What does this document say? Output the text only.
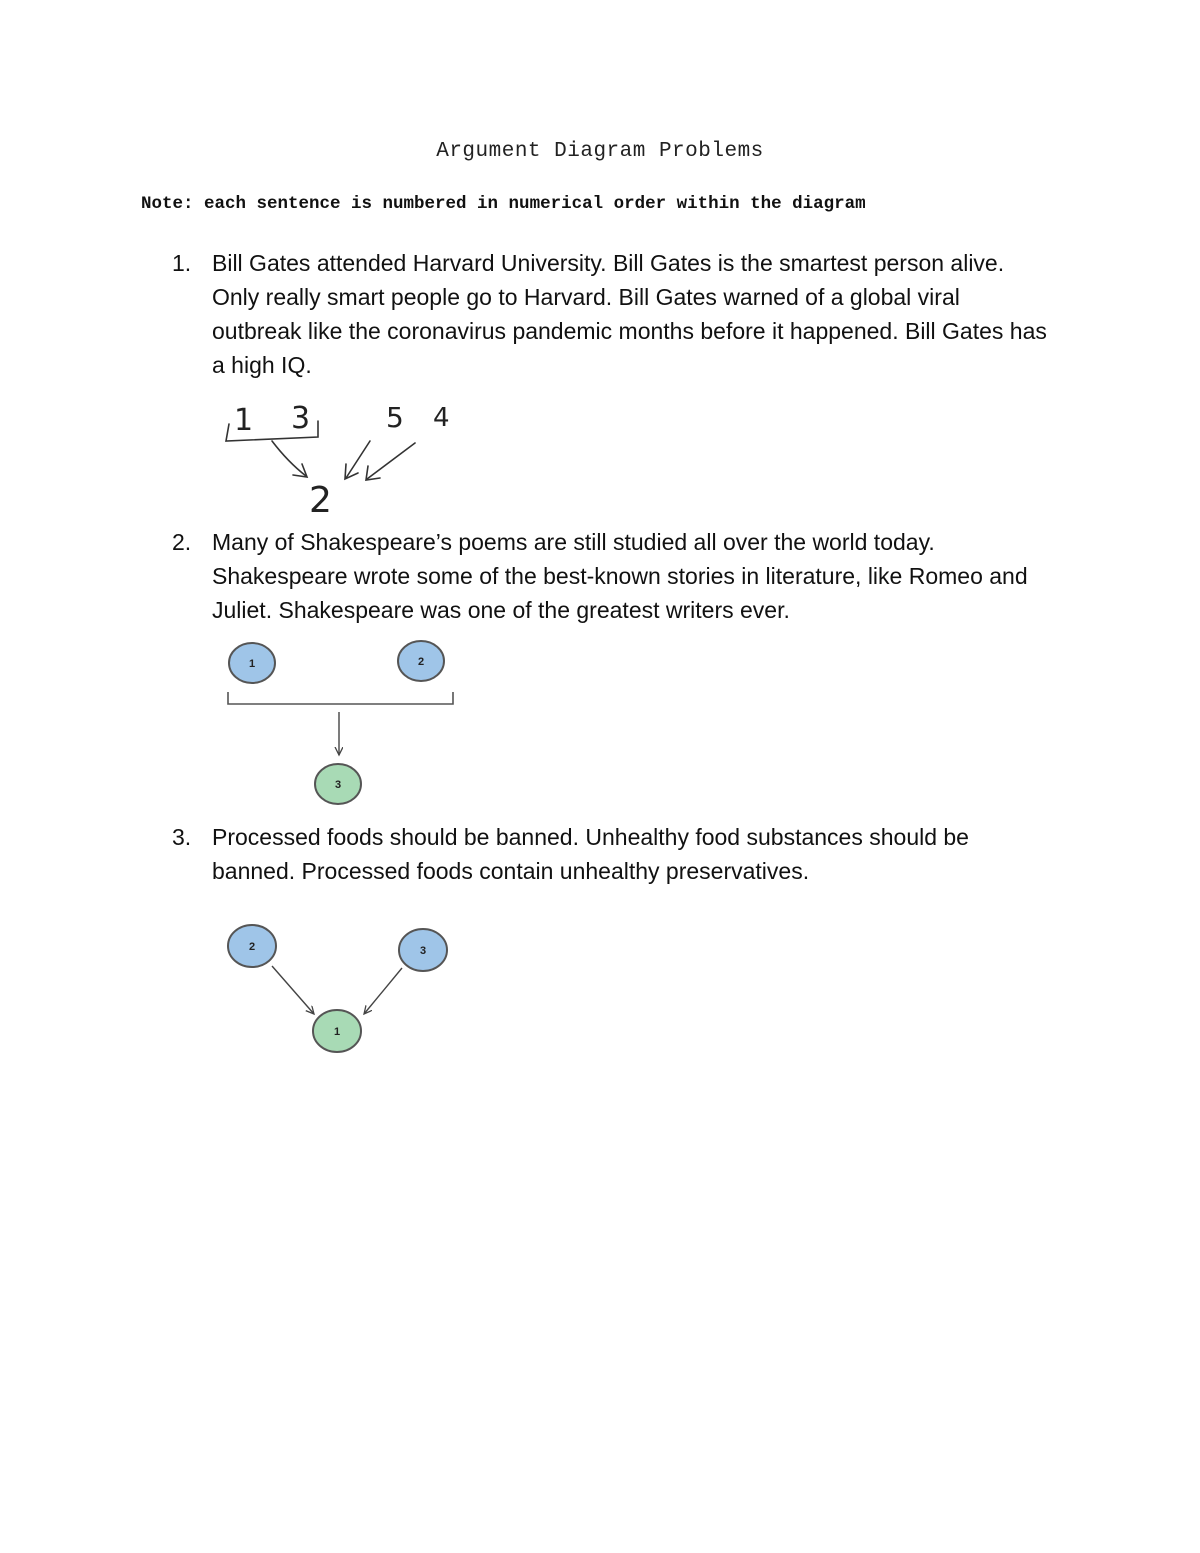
Argument Diagram Problems
Note: each sentence is numbered in numerical order within the diagram
1. Bill Gates attended Harvard University. Bill Gates is the smartest person alive. Only really smart people go to Harvard. Bill Gates warned of a global viral outbreak like the coronavirus pandemic months before it happened. Bill Gates has a high IQ.
2. Many of Shakespeare’s poems are still studied all over the world today. Shakespeare wrote some of the best-known stories in literature, like Romeo and Juliet. Shakespeare was one of the greatest writers ever.
3. Processed foods should be banned. Unhealthy food substances should be banned. Processed foods contain unhealthy preservatives.
1 3	5 4
2
1	2
3
2	3
1
